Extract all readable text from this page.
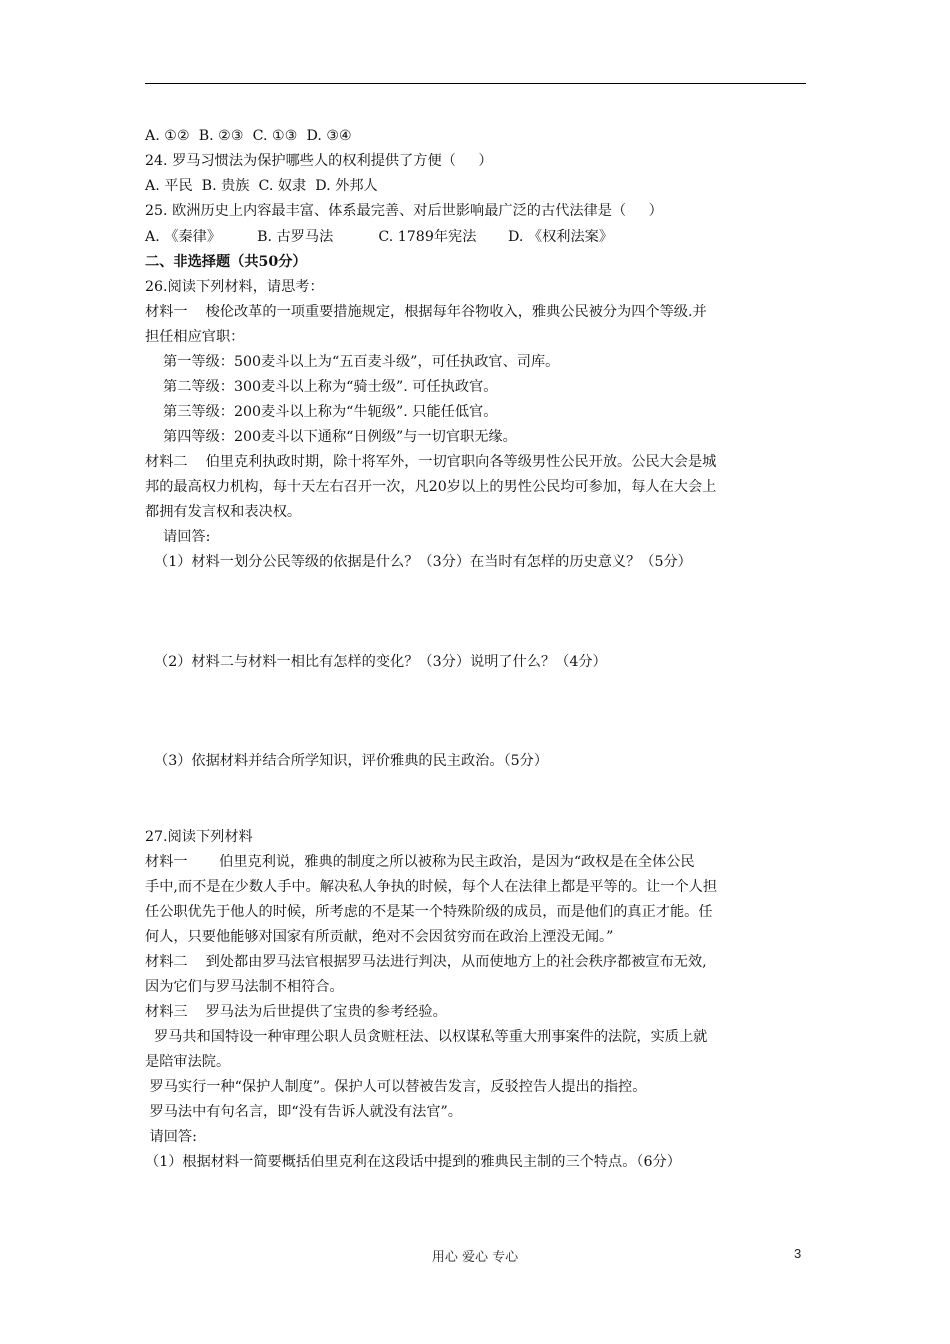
A. ①②  B. ②③  C. ①③  D. ③④
24. 罗马习惯法为保护哪些人的权利提供了方便（     ）
A. 平民  B. 贵族  C. 奴隶  D. 外邦人
25. 欧洲历史上内容最丰富、体系最完善、对后世影响最广泛的古代法律是（     ）
A. 《秦律》        B. 古罗马法          C. 1789年宪法       D. 《权利法案》
二、非选择题（共50分）
26.阅读下列材料，请思考：
材料一    梭伦改革的一项重要措施规定，根据每年谷物收入，雅典公民被分为四个等级.并
担任相应官职：
第一等级：500麦斗以上为“五百麦斗级”，可任执政官、司库。
第二等级：300麦斗以上称为“骑士级”. 可任执政官。
第三等级：200麦斗以上称为“牛轭级”. 只能任低官。
第四等级：200麦斗以下通称“日例级”与一切官职无缘。
材料二    伯里克利执政时期，除十将军外，一切官职向各等级男性公民开放。公民大会是城
邦的最高权力机构，每十天左右召开一次，凡20岁以上的男性公民均可参加，每人在大会上
都拥有发言权和表决权。
请回答:
（1）材料一划分公民等级的依据是什么？（3分）在当时有怎样的历史意义？（5分）
（2）材料二与材料一相比有怎样的变化？（3分）说明了什么？（4分）
（3）依据材料并结合所学知识，评价雅典的民主政治。（5分）
27.阅读下列材料
材料一       伯里克利说，雅典的制度之所以被称为民主政治，是因为“政权是在全体公民
手中,而不是在少数人手中。解决私人争执的时候，每个人在法律上都是平等的。让一个人担
任公职优先于他人的时候，所考虑的不是某一个特殊阶级的成员，而是他们的真正才能。任
何人，只要他能够对国家有所贡献，绝对不会因贫穷而在政治上湮没无闻。”
材料二    到处都由罗马法官根据罗马法进行判决，从而使地方上的社会秩序都被宣布无效,
因为它们与罗马法制不相符合。
材料三    罗马法为后世提供了宝贵的参考经验。
罗马共和国特设一种审理公职人员贪赃枉法、以权谋私等重大刑事案件的法院，实质上就
是陪审法院。
罗马实行一种“保护人制度”。保护人可以替被告发言，反驳控告人提出的指控。
罗马法中有句名言，即“没有告诉人就没有法官”。
请回答:
（1）根据材料一简要概括伯里克利在这段话中提到的雅典民主制的三个特点。（6分）
用心 爱心 专心	3
